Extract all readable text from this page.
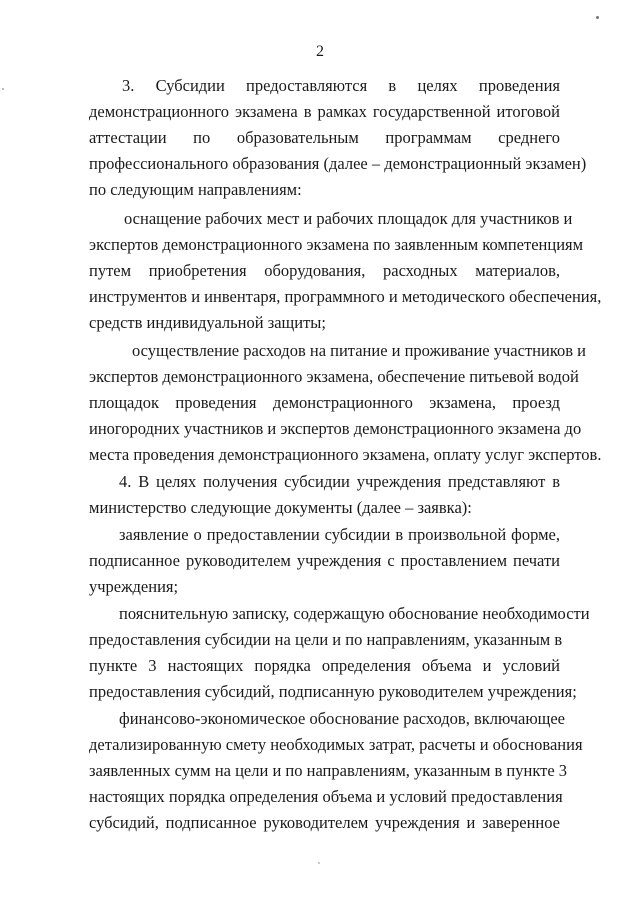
2
3. Субсидии предоставляются в целях проведения
демонстрационного экзамена в рамках государственной итоговой
аттестации по образовательным программам среднего
профессионального образования (далее – демонстрационный экзамен)
по следующим направлениям:
оснащение рабочих мест и рабочих площадок для участников и
экспертов демонстрационного экзамена по заявленным компетенциям
путем приобретения оборудования, расходных материалов,
инструментов и инвентаря, программного и методического обеспечения,
средств индивидуальной защиты;
осуществление расходов на питание и проживание участников и
экспертов демонстрационного экзамена, обеспечение питьевой водой
площадок проведения демонстрационного экзамена, проезд
иногородних участников и экспертов демонстрационного экзамена до
места проведения демонстрационного экзамена, оплату услуг экспертов.
4. В целях получения субсидии учреждения представляют в
министерство следующие документы (далее – заявка):
заявление о предоставлении субсидии в произвольной форме,
подписанное руководителем учреждения с проставлением печати
учреждения;
пояснительную записку, содержащую обоснование необходимости
предоставления субсидии на цели и по направлениям, указанным в
пункте 3 настоящих порядка определения объема и условий
предоставления субсидий, подписанную руководителем учреждения;
финансово-экономическое обоснование расходов, включающее
детализированную смету необходимых затрат, расчеты и обоснования
заявленных сумм на цели и по направлениям, указанным в пункте 3
настоящих порядка определения объема и условий предоставления
субсидий, подписанное руководителем учреждения и заверенное
